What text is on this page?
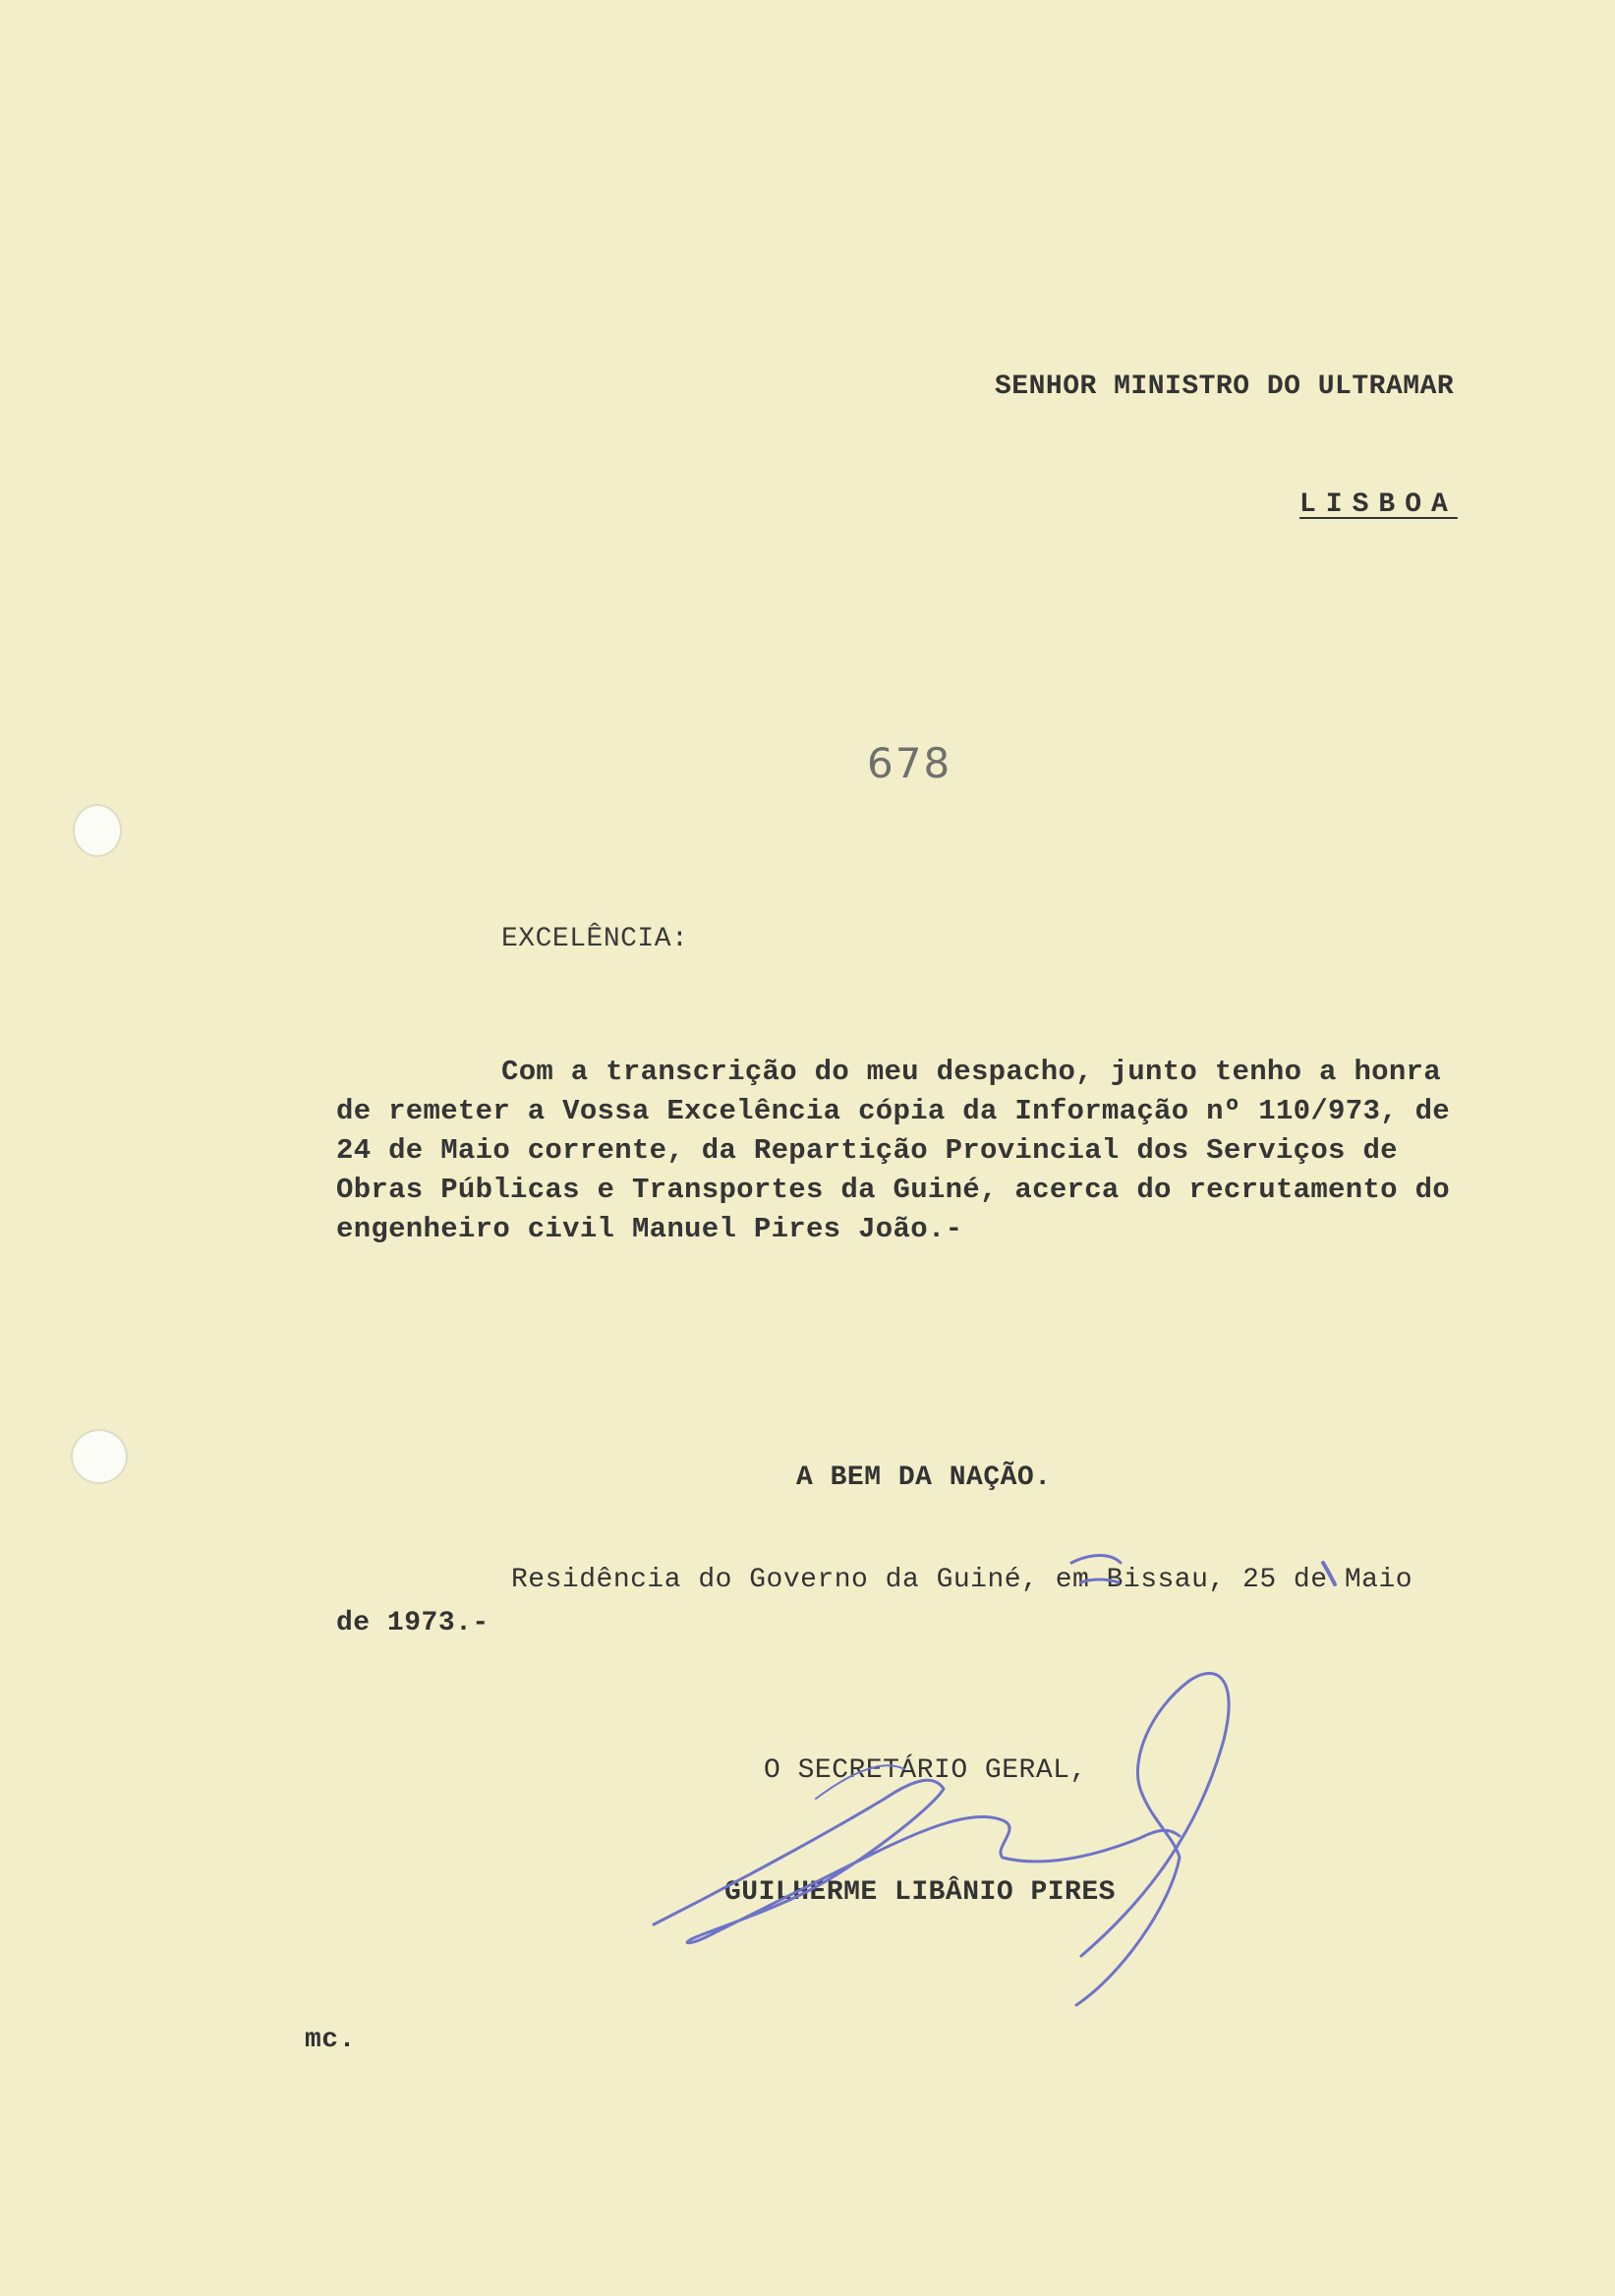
SENHOR MINISTRO DO ULTRAMAR
LISBOA
678
EXCELÊNCIA:
Com a transcrição do meu despacho, junto tenho a honra
de remeter a Vossa Excelência cópia da Informação nº 110/973, de
24 de Maio corrente, da Repartição Provincial dos Serviços de
Obras Públicas e Transportes da Guiné, acerca do recrutamento do
engenheiro civil Manuel Pires João.-
A BEM DA NAÇÃO.
Residência do Governo da Guiné, em Bissau, 25 de Maio
de 1973.-
O SECRETÁRIO GERAL,
GUILHERME LIBÂNIO PIRES
mc.
